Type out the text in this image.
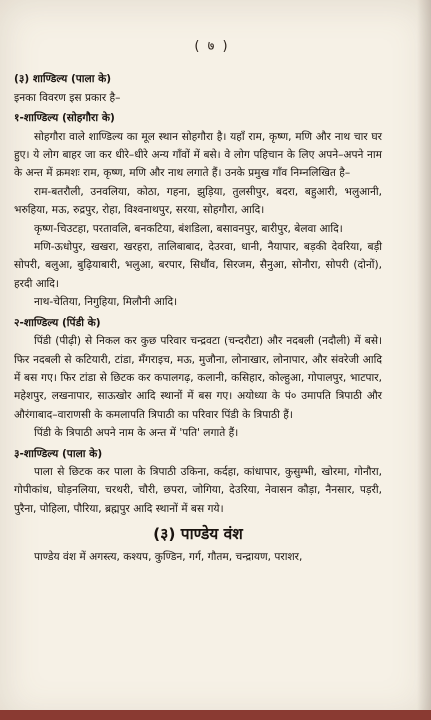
( ७ )

(३) शाण्डिल्य (पाला के)

इनका विवरण इस प्रकार है–

१-शाण्डिल्य (सोहगौरा के)

सोहगौरा वाले शाण्डिल्य का मूल स्थान सोहगौरा है। यहाँ राम, कृष्ण, मणि और नाथ चार घर हुए। ये लोग बाहर जा कर धीरे–धीरे अन्य गाँवों में बसे। वे लोग पहिचान के लिए अपने–अपने नाम के अन्त में क्रमशः राम, कृष्ण, मणि और नाथ लगाते हैं। उनके प्रमुख गाँव निम्नलिखित है–

राम-बतरौली, उनवलिया, कोठा, गहना, झुड़िया, तुलसीपुर, बदरा, बहुआरी, भलुआनी, भरुहिया, मऊ, रुद्रपुर, रोहा, विश्वनाथपुर, सरया, सोहगौरा, आदि।

कृष्ण-चिउटहा, परतावलि, बनकटिया, बंशडिला, बसावनपुर, बारीपुर, बेलवा आदि।

मणि-ऊधोपुर, खखरा, खरहरा, तालिबाबाद, देउरवा, धानी, नैयापार, बड़की देवरिया, बड़ी सोपरी, बलुआ, बुढ़ियाबारी, भलुआ, बरपार, सिधौंव, सिरजम, सैनुआ, सोनौरा, सोपरी (दोनों), हरदी आदि।

नाथ-चेतिया, निगुहिया, मिलौनी आदि।

२-शाण्डिल्य (पिंडी के)

पिंडी (पीढ़ी) से निकल कर कुछ परिवार चन्द्रवटा (चन्दरौटा) और नदबली (नदौली) में बसे। फिर नदबली से कटियारी, टांडा, मँगराइच, मऊ, मुजौना, लोनाखार, लोनापार, और संवरेजी आदि में बस गए। फिर टांडा से छिटक कर कपालगढ़, कलानी, कसिहार, कोल्हुआ, गोपालपुर, भाटपार, महेशपुर, लखनापार, साऊखोर आदि स्थानों में बस गए। अयोध्या के पं० उमापति त्रिपाठी और औरंगाबाद–वाराणसी के कमलापति त्रिपाठी का परिवार पिंडी के त्रिपाठी हैं।

पिंडी के त्रिपाठी अपने नाम के अन्त में 'पति' लगाते हैं।

३-शाण्डिल्य (पाला के)

पाला से छिटक कर पाला के त्रिपाठी उकिना, कर्दहा, कांधापार, कुसुम्भी, खोरमा, गोनौरा, गोपीकांध, घोड़नलिया, चरथरी, चौरी, छपरा, जोगिया, देउरिया, नेवासन कौड़ा, नैनसार, पड़री, पुरैना, पोहिला, पौरिया, ब्रह्मपुर आदि स्थानों में बस गये।

(३) पाण्डेय वंश

पाण्डेय वंश में अगस्त्य, कश्यप, कुण्डिन, गर्ग, गौतम, चन्द्रायण, पराशर,
